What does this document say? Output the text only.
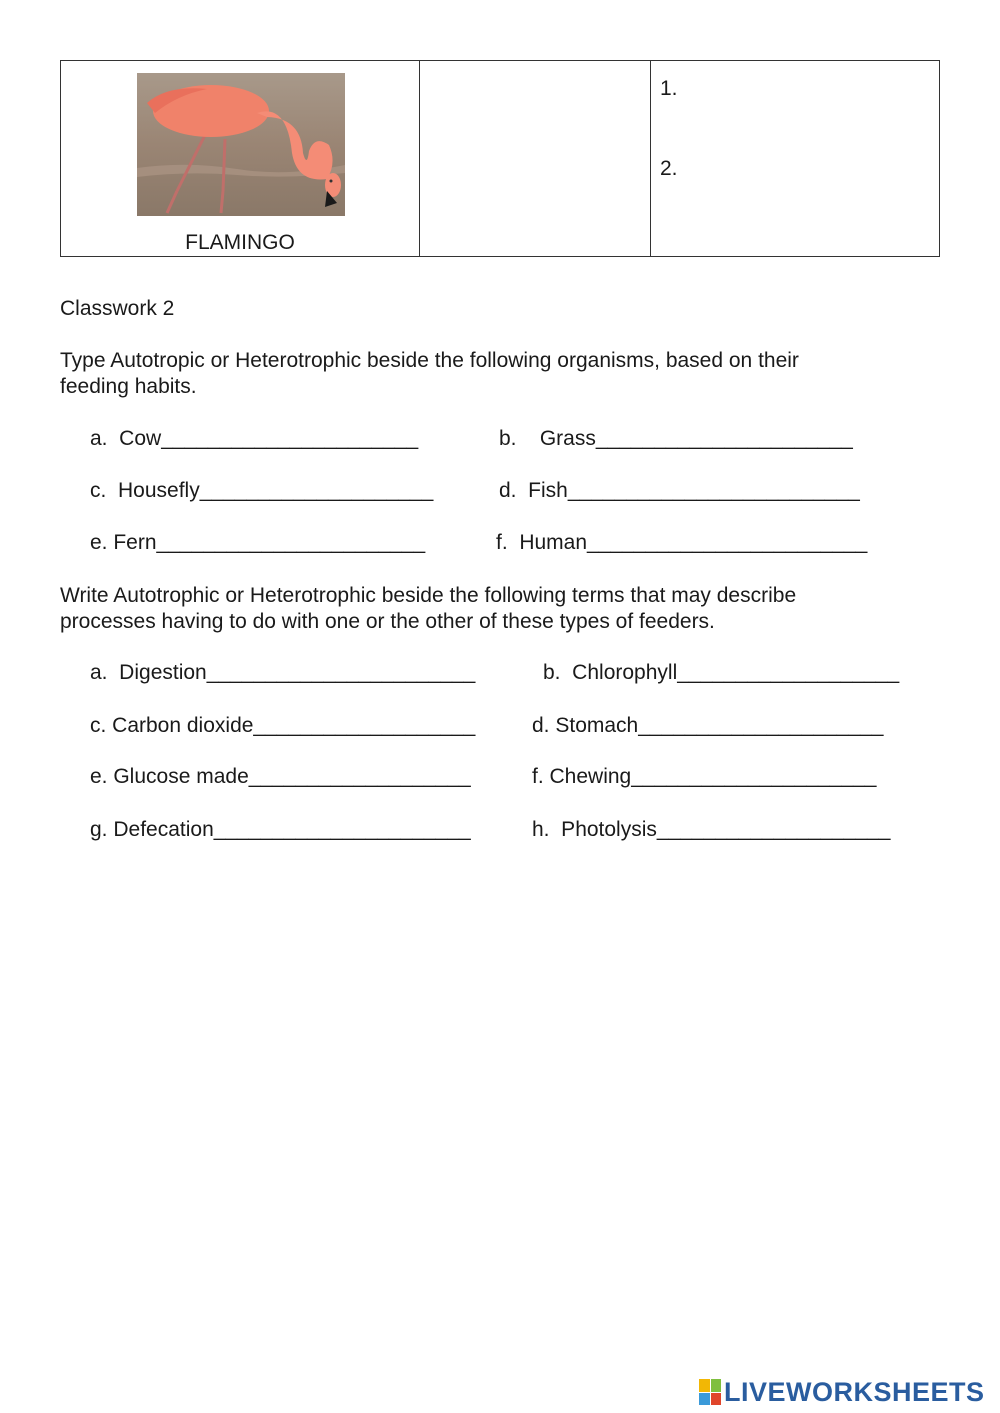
FLAMINGO

1.
2.
Classwork 2
Type Autotropic or Heterotrophic beside the following organisms, based on their
feeding habits.
a.  Cow______________________	b.    Grass______________________
c.  Housefly____________________	d.  Fish_________________________
e. Fern_______________________	f.  Human________________________
Write Autotrophic or Heterotrophic beside the following terms that may describe
processes having to do with one or the other of these types of feeders.
a.  Digestion_______________________	b.  Chlorophyll___________________
c. Carbon dioxide___________________	d. Stomach_____________________
e. Glucose made___________________	f. Chewing_____________________
g. Defecation______________________	h.  Photolysis____________________
LIVEWORKSHEETS
